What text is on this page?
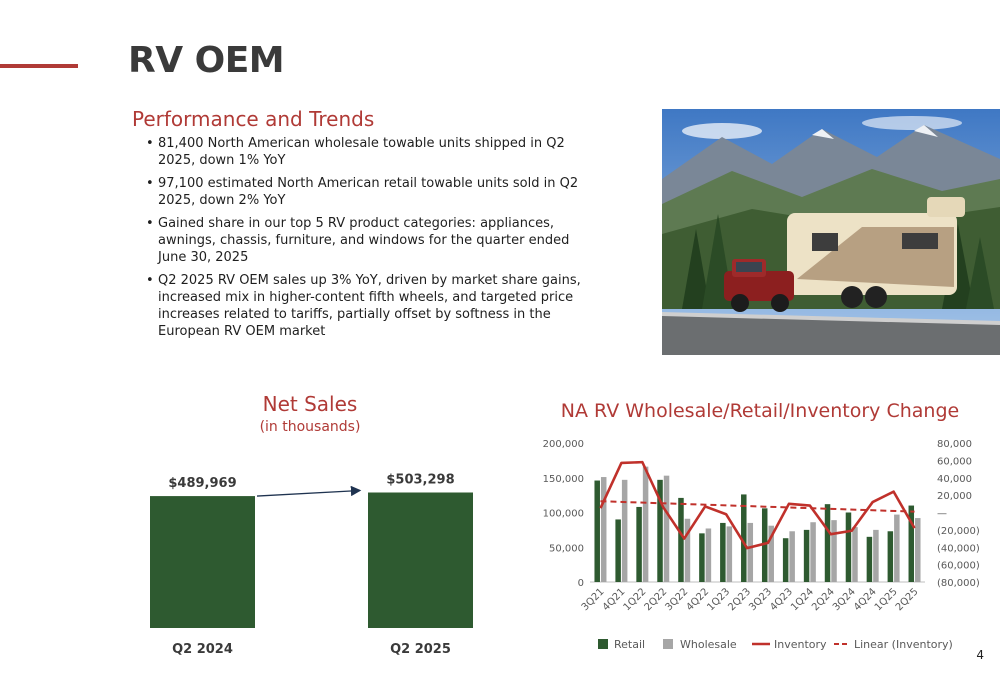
RV OEM
Performance and Trends
• 81,400 North American wholesale towable units shipped in Q2 2025, down 1% YoY
• 97,100 estimated North American retail towable units sold in Q2 2025, down 2% YoY
• Gained share in our top 5 RV product categories: appliances, awnings, chassis, furniture, and windows for the quarter ended June 30, 2025
• Q2 2025 RV OEM sales up 3% YoY, driven by market share gains, increased mix in higher-content fifth wheels, and targeted price increases related to tariffs, partially offset by softness in the European RV OEM market
Net Sales
(in thousands)
$489,969
Q2 2024
$503,298
Q2 2025
NA RV Wholesale/Retail/Inventory Change
200,000
150,000
100,000
50,000
0
80,000
60,000
40,000
20,000
—
(20,000)
(40,000)
(60,000)
(80,000)
3Q21
4Q21
1Q22
2Q22
3Q22
4Q22
1Q23
2Q23
3Q23
4Q23
1Q24
2Q24
3Q24
4Q24
1Q25
2Q25
Retail	Wholesale	Inventory Linear (Inventory)
4
